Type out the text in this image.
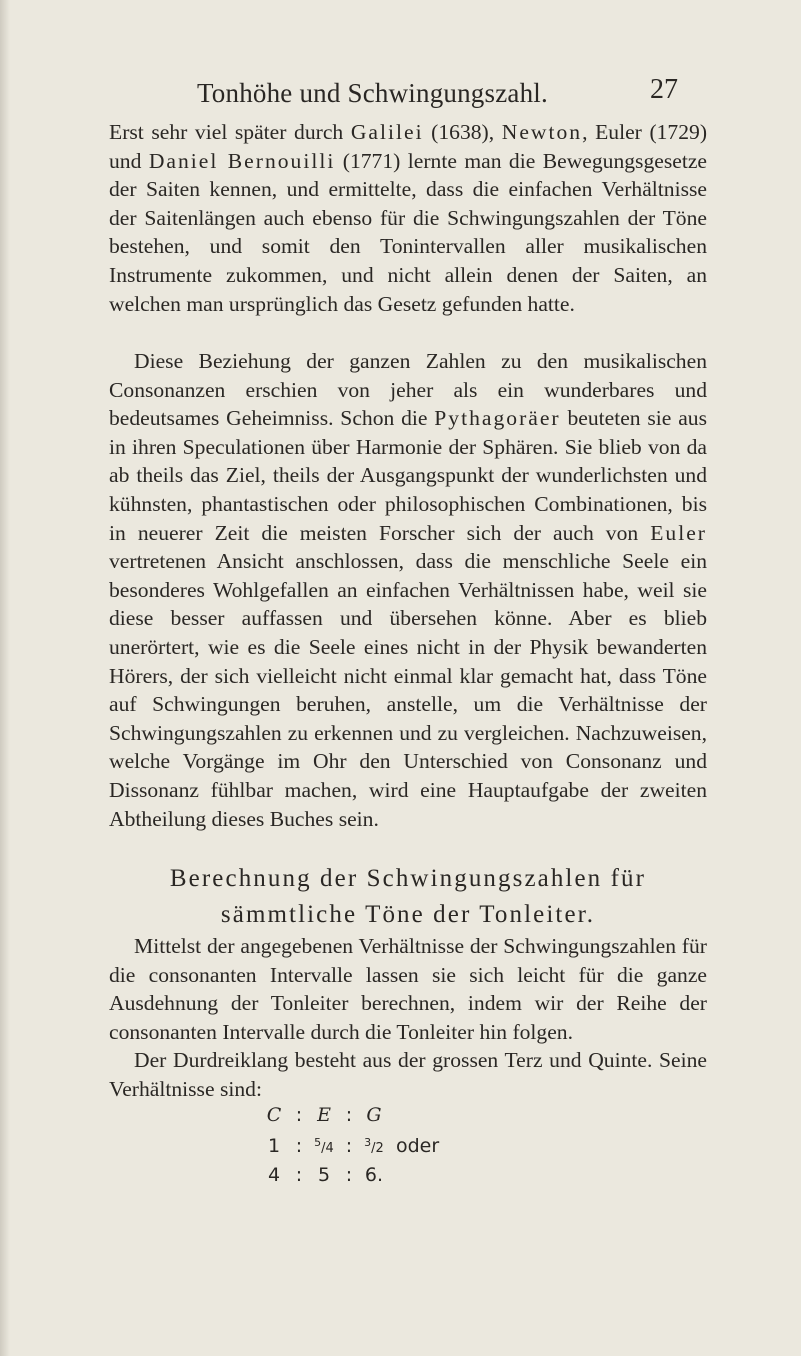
Tonhöhe und Schwingungszahl.	27

Erst sehr viel später durch Galilei (1638), Newton, Euler (1729) und Daniel Bernouilli (1771) lernte man die Bewegungsgesetze der Saiten kennen, und ermittelte, dass die einfachen Verhältnisse der Saitenlängen auch ebenso für die Schwingungszahlen der Töne bestehen, und somit den Tonintervallen aller musikalischen Instrumente zukommen, und nicht allein denen der Saiten, an welchen man ursprünglich das Gesetz gefunden hatte.

Diese Beziehung der ganzen Zahlen zu den musikalischen Consonanzen erschien von jeher als ein wunderbares und bedeutsames Geheimniss. Schon die Pythagoräer beuteten sie aus in ihren Speculationen über Harmonie der Sphären. Sie blieb von da ab theils das Ziel, theils der Ausgangspunkt der wunderlichsten und kühnsten, phantastischen oder philosophischen Combinationen, bis in neuerer Zeit die meisten Forscher sich der auch von Euler vertretenen Ansicht anschlossen, dass die menschliche Seele ein besonderes Wohlgefallen an einfachen Verhältnissen habe, weil sie diese besser auffassen und übersehen könne. Aber es blieb unerörtert, wie es die Seele eines nicht in der Physik bewanderten Hörers, der sich vielleicht nicht einmal klar gemacht hat, dass Töne auf Schwingungen beruhen, anstelle, um die Verhältnisse der Schwingungszahlen zu erkennen und zu vergleichen. Nachzuweisen, welche Vorgänge im Ohr den Unterschied von Consonanz und Dissonanz fühlbar machen, wird eine Hauptaufgabe der zweiten Abtheilung dieses Buches sein.

Berechnung der Schwingungszahlen für sämmtliche Töne der Tonleiter.

Mittelst der angegebenen Verhältnisse der Schwingungszahlen für die consonanten Intervalle lassen sie sich leicht für die ganze Ausdehnung der Tonleiter berechnen, indem wir der Reihe der consonanten Intervalle durch die Tonleiter hin folgen.

Der Durdreiklang besteht aus der grossen Terz und Quinte. Seine Verhältnisse sind:

C : E : G
1 :	$^5$/4 :	$^3$/2 oder
4 : 5 : 6.
